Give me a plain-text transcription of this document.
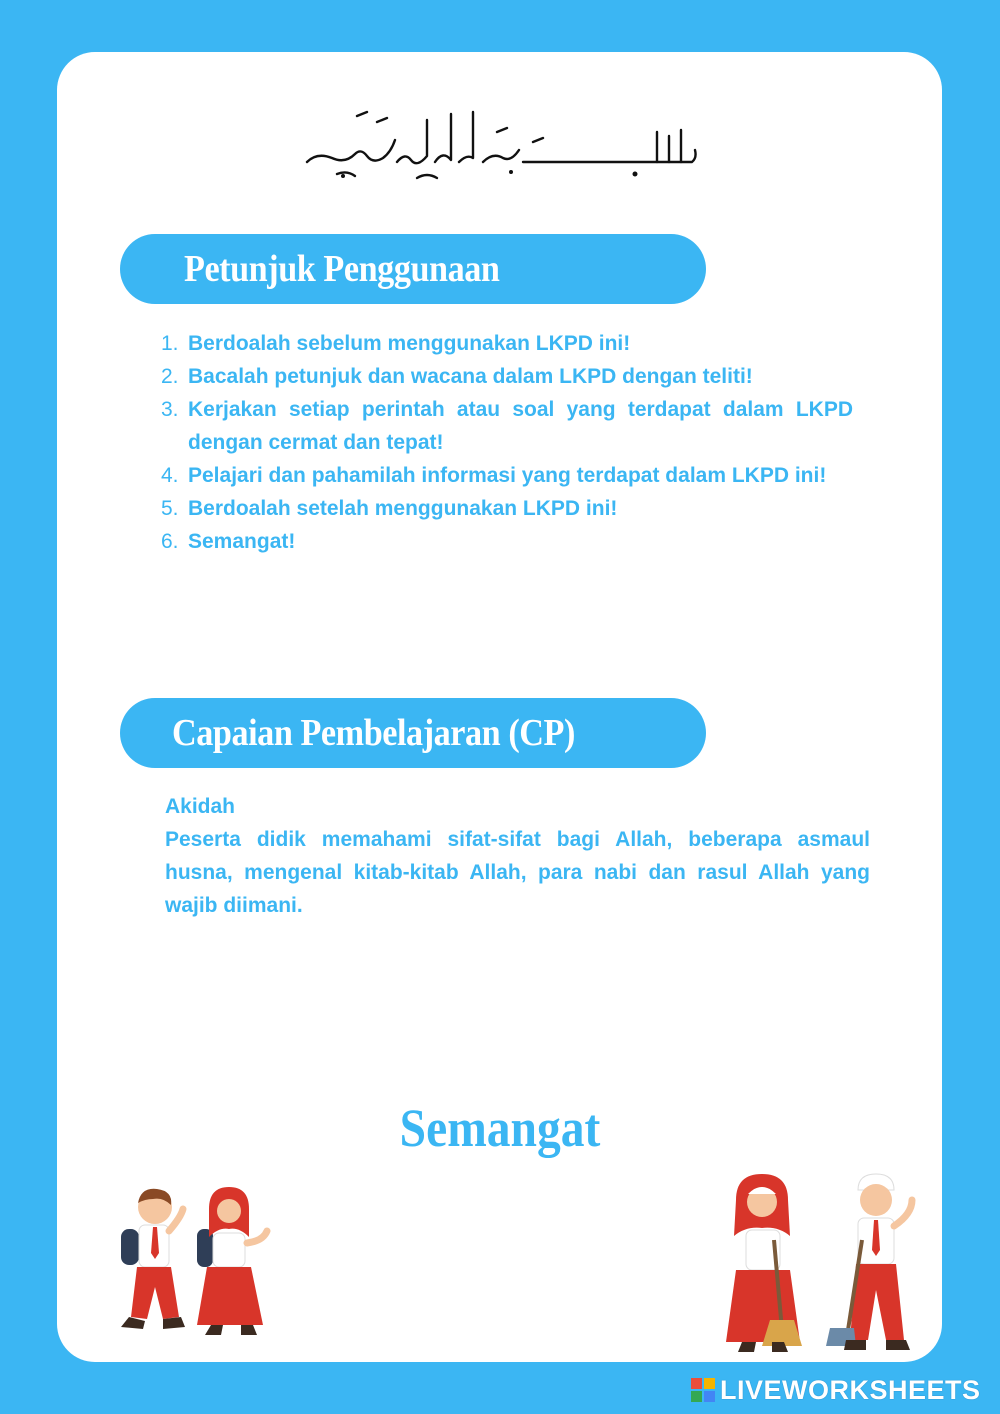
Petunjuk Penggunaan
1. Berdoalah sebelum menggunakan LKPD ini!
2. Bacalah petunjuk dan wacana dalam LKPD dengan teliti!
3. Kerjakan setiap perintah atau soal yang terdapat dalam LKPD dengan cermat dan tepat!
4. Pelajari dan pahamilah informasi yang terdapat dalam LKPD ini!
5. Berdoalah setelah menggunakan LKPD ini!
6. Semangat!
Capaian Pembelajaran (CP)
Akidah
Peserta didik memahami sifat-sifat bagi Allah, beberapa asmaul husna, mengenal kitab-kitab Allah, para nabi dan rasul Allah yang wajib diimani.
Semangat
LIVEWORKSHEETS
